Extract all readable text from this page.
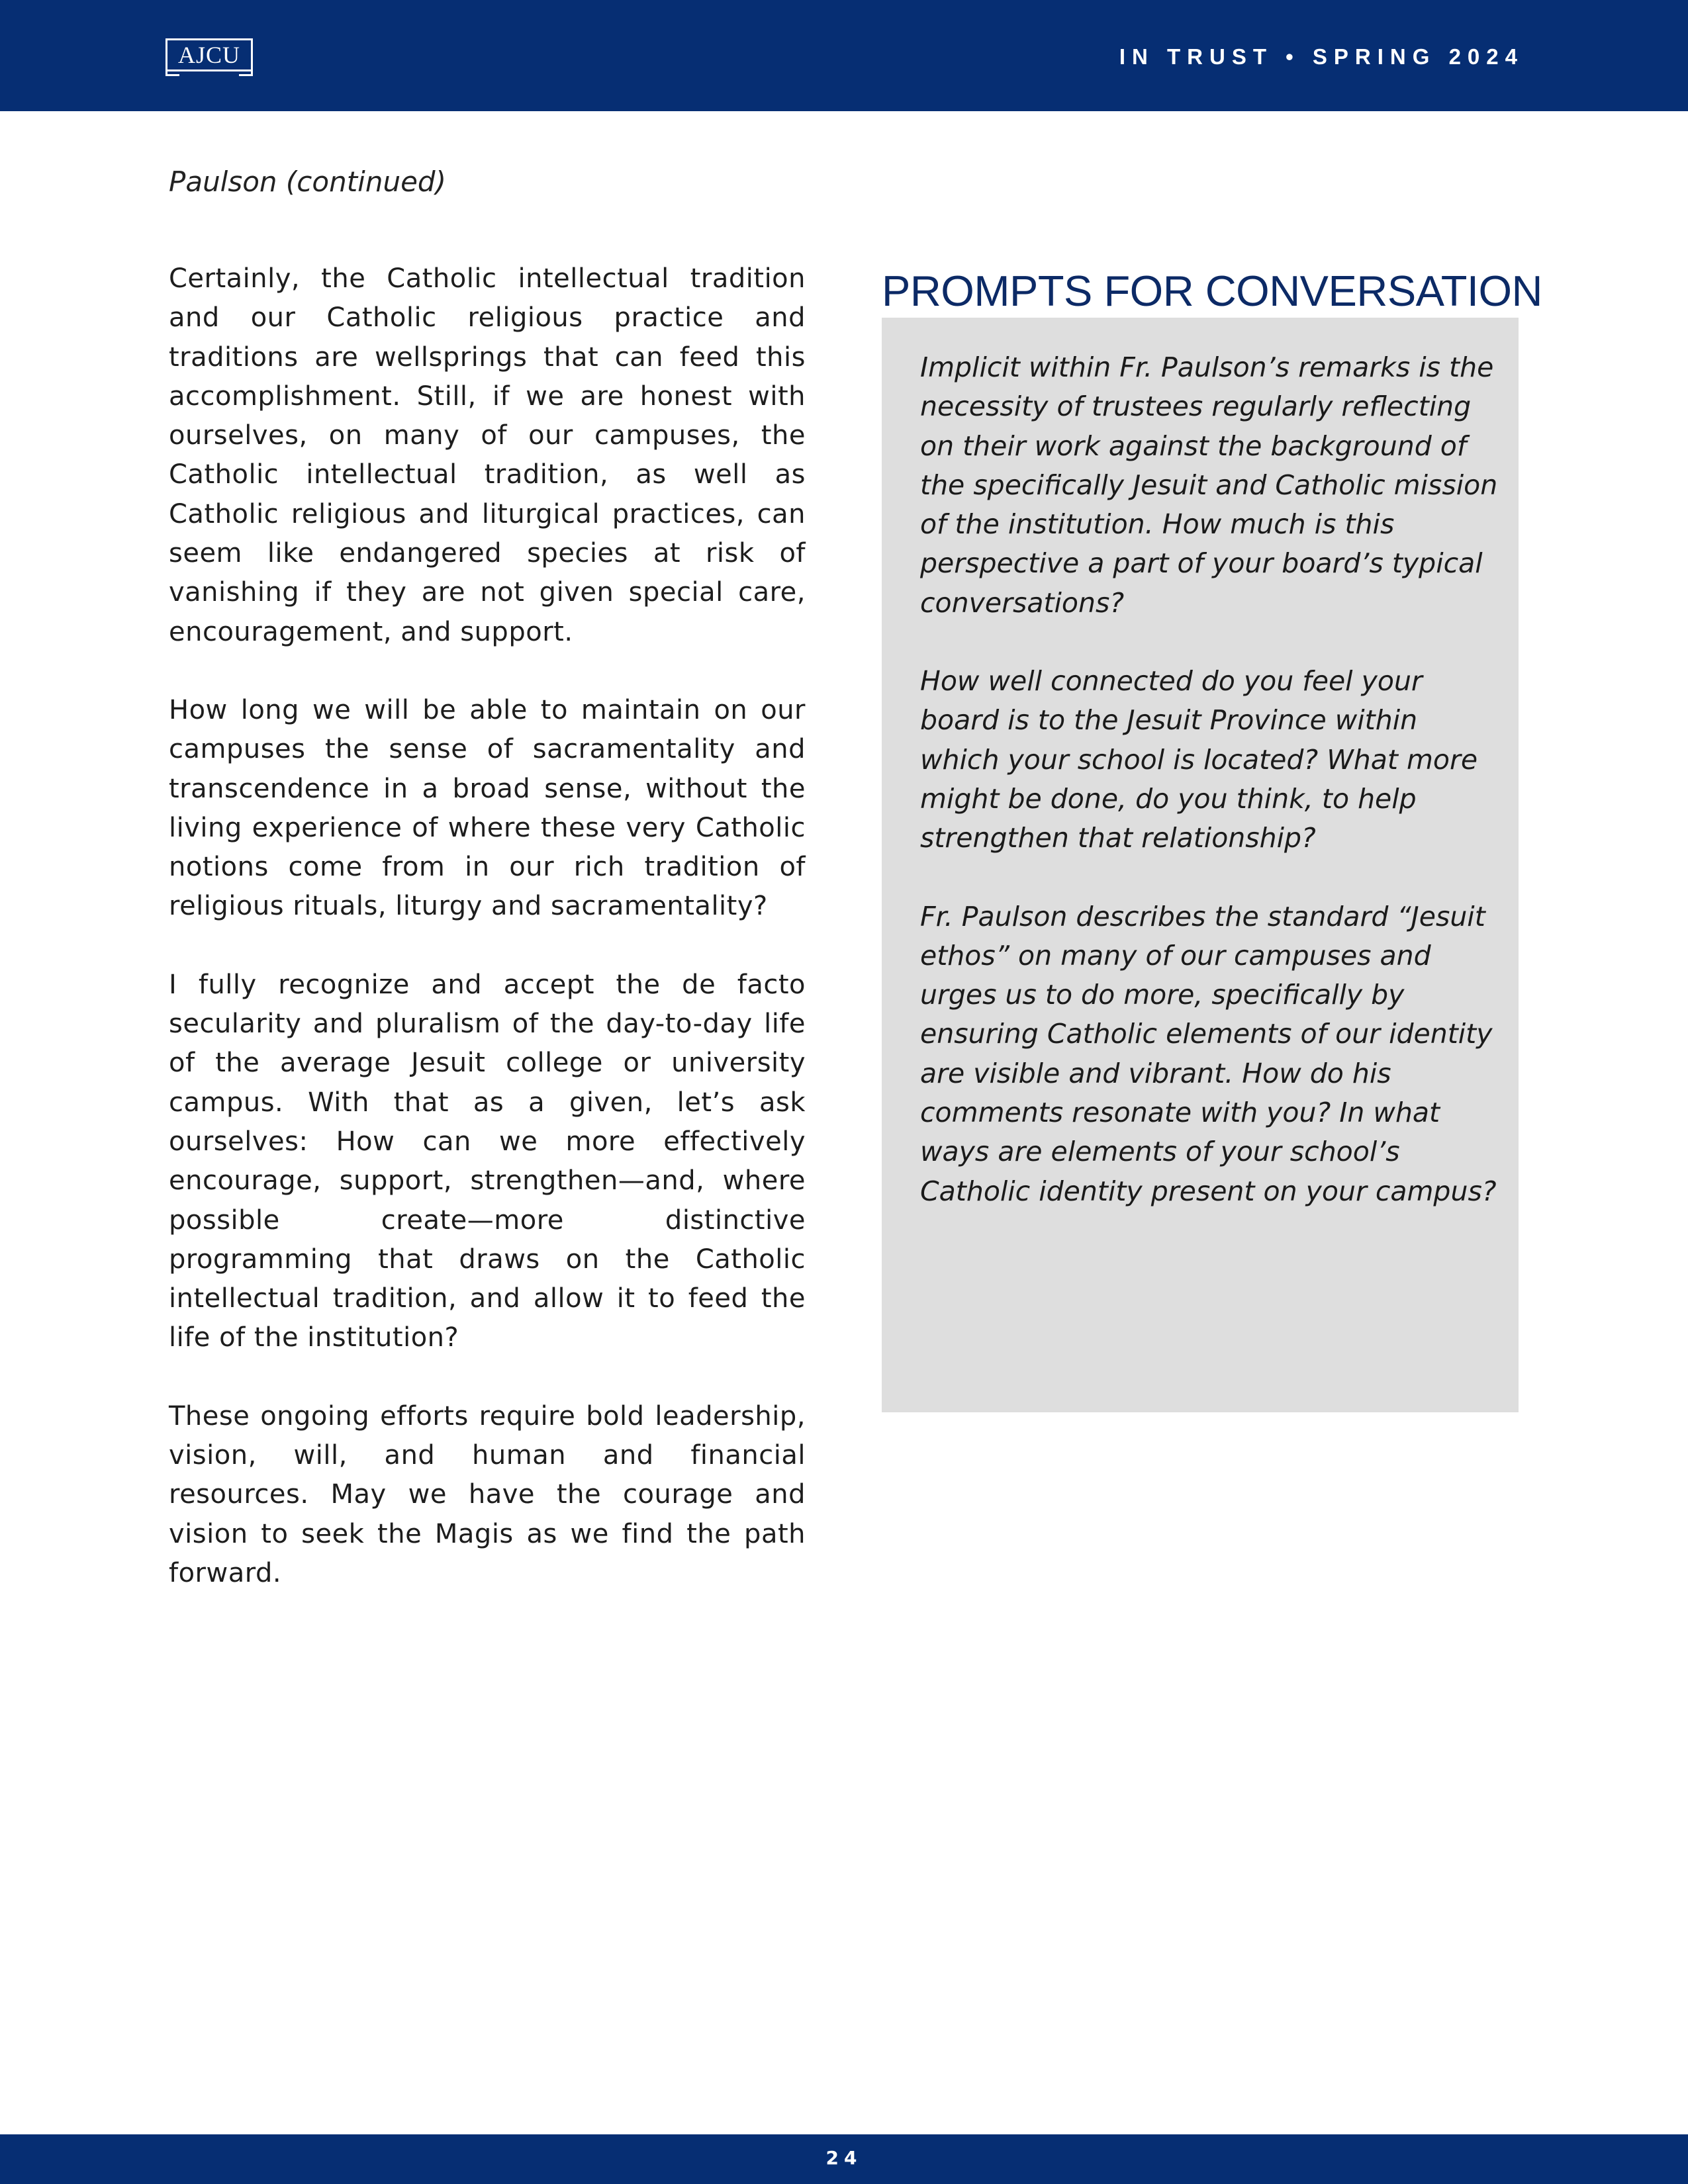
AJCU	IN TRUST • SPRING 2024
Paulson (continued)

Certainly, the Catholic intellectual tradition and our Catholic religious practice and traditions are wellsprings that can feed this accomplishment. Still, if we are honest with ourselves, on many of our campuses, the Catholic intellectual tradition, as well as Catholic religious and liturgical practices, can seem like endangered species at risk of vanishing if they are not given special care, encouragement, and support.

How long we will be able to maintain on our campuses the sense of sacramentality and transcendence in a broad sense, without the living experience of where these very Catholic notions come from in our rich tradition of religious rituals, liturgy and sacramentality?

I fully recognize and accept the de facto secularity and pluralism of the day-to-day life of the average Jesuit college or university campus. With that as a given, let’s ask ourselves: How can we more effectively encourage, support, strengthen—and, where possible create—more distinctive programming that draws on the Catholic intellectual tradition, and allow it to feed the life of the institution?

These ongoing efforts require bold leadership, vision, will, and human and financial resources. May we have the courage and vision to seek the Magis as we find the path forward.

PROMPTS FOR CONVERSATION

Implicit within Fr. Paulson’s remarks is the necessity of trustees regularly reflecting on their work against the background of the specifically Jesuit and Catholic mission of the institution. How much is this perspective a part of your board’s typical conversations?

How well connected do you feel your board is to the Jesuit Province within which your school is located? What more might be done, do you think, to help strengthen that relationship?

Fr. Paulson describes the standard “Jesuit ethos” on many of our campuses and urges us to do more, specifically by ensuring Catholic elements of our identity are visible and vibrant. How do his comments resonate with you? In what ways are elements of your school’s Catholic identity present on your campus?

24
